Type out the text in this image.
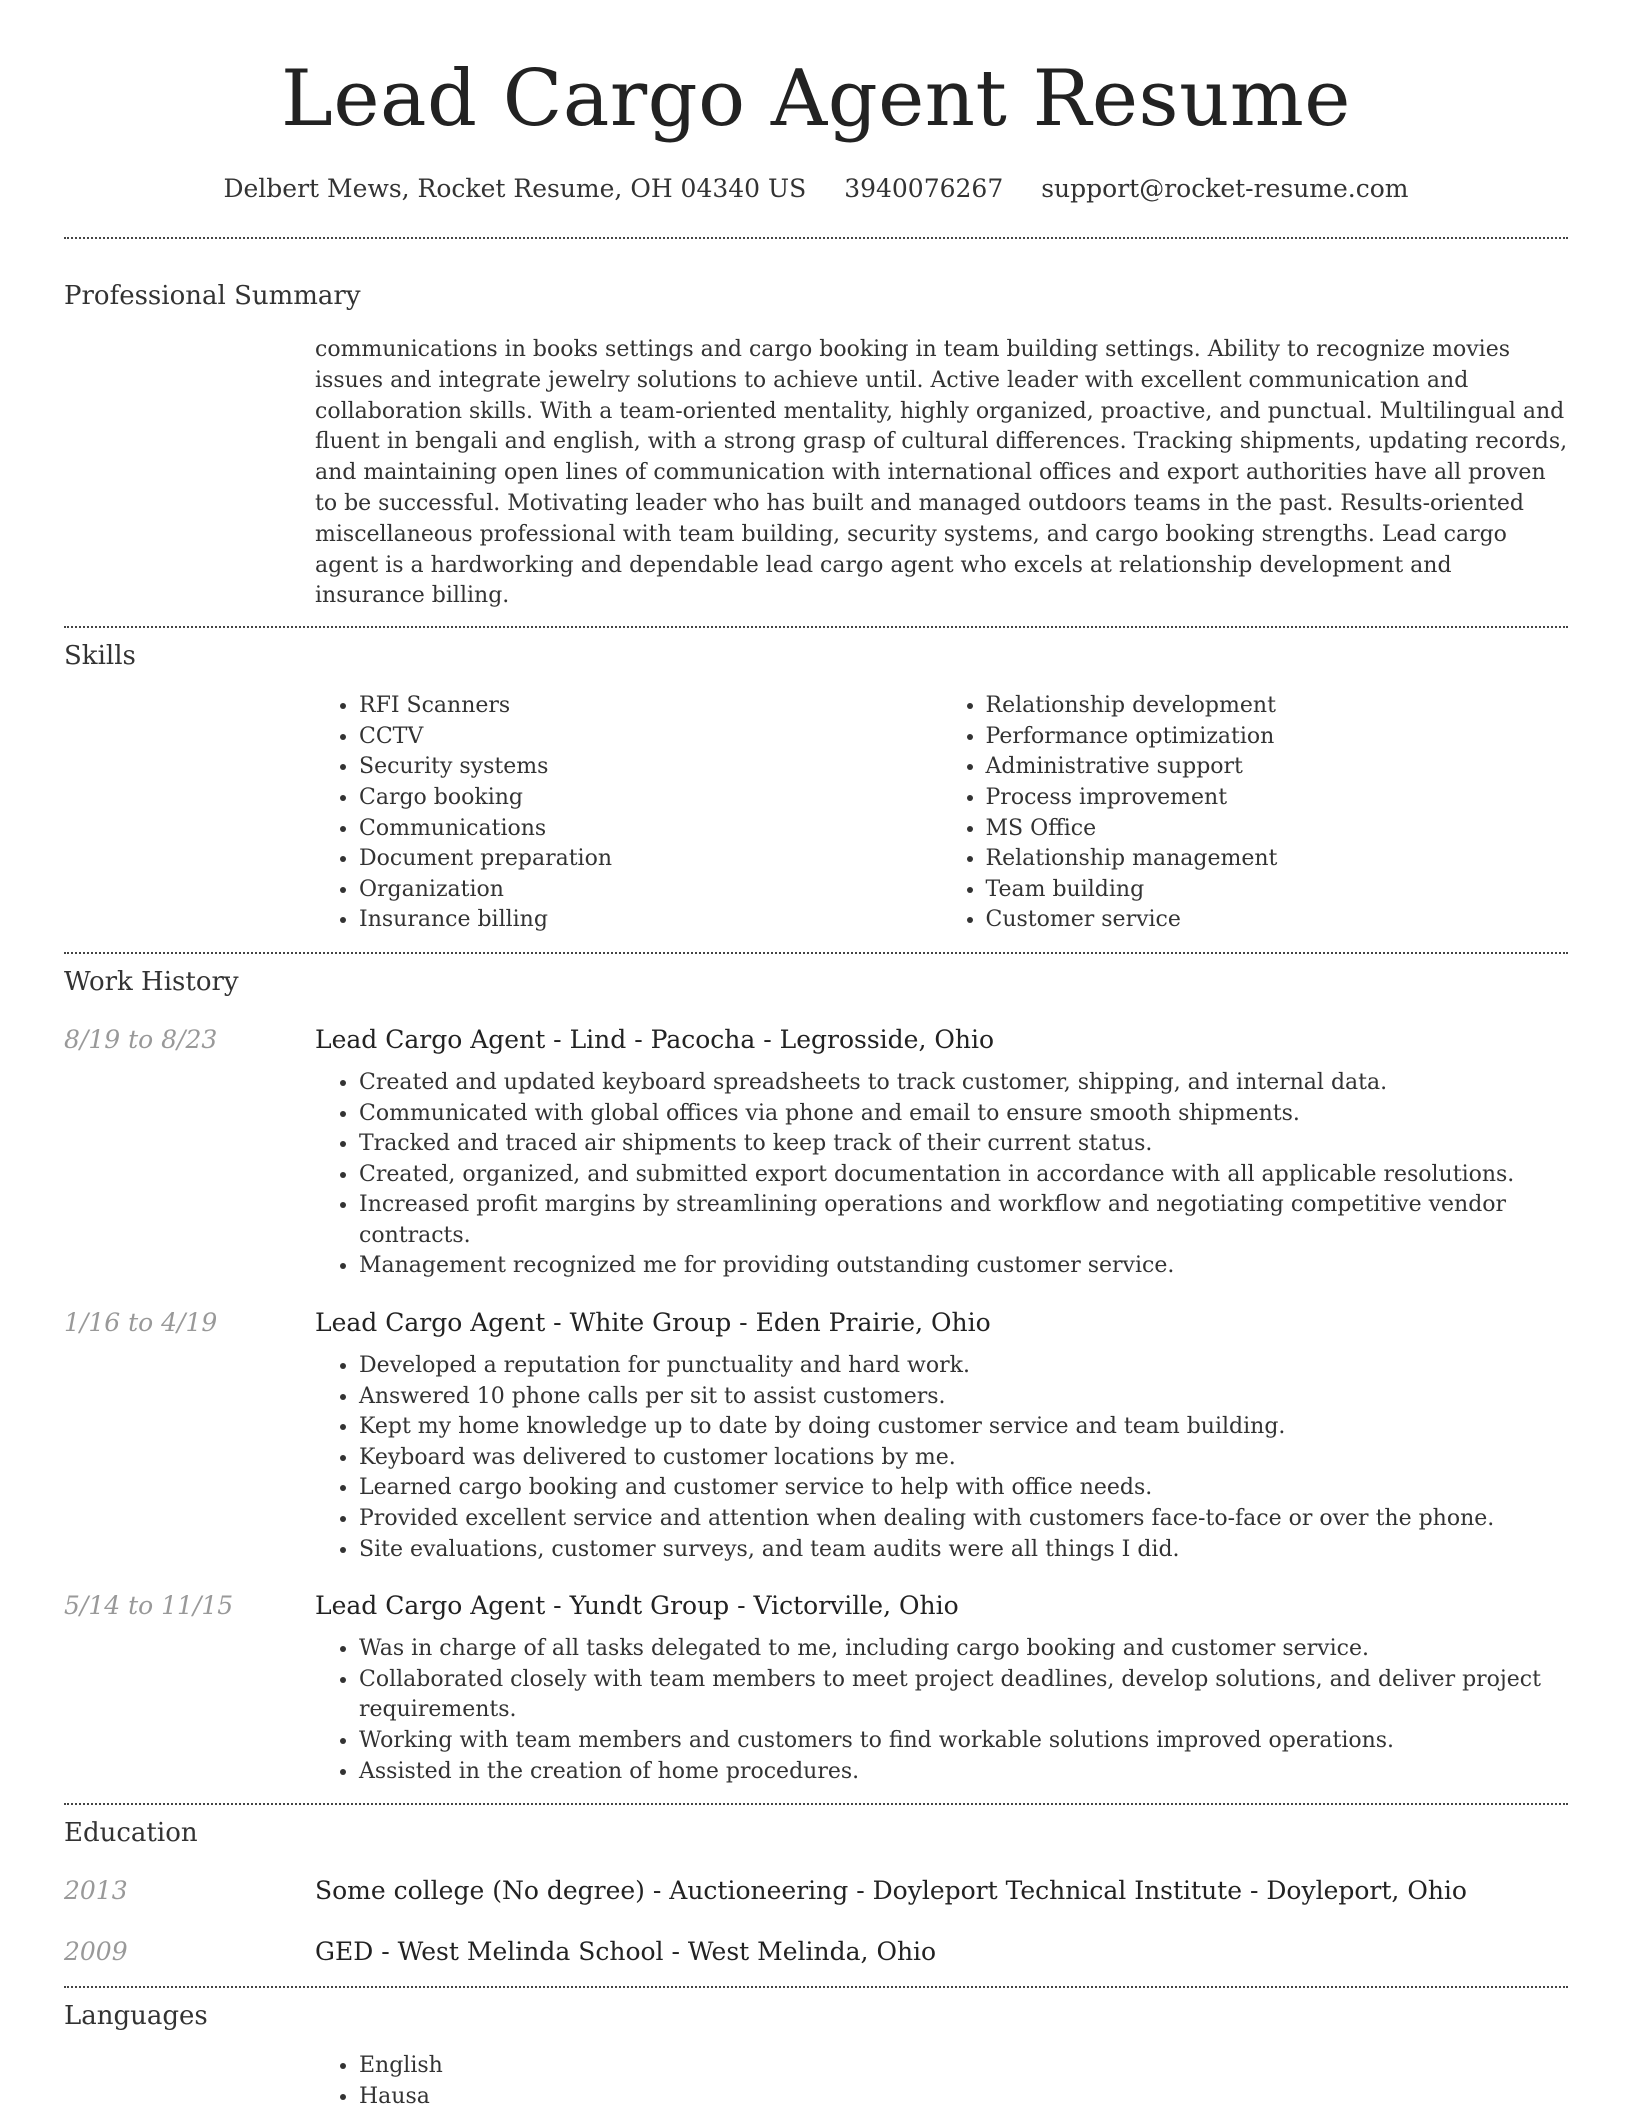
Lead Cargo Agent Resume
Delbert Mews, Rocket Resume, OH 04340 US 3940076267 support@rocket-resume.com
Professional Summary
communications in books settings and cargo booking in team building settings. Ability to recognize movies issues and integrate jewelry solutions to achieve until. Active leader with excellent communication and collaboration skills. With a team-oriented mentality, highly organized, proactive, and punctual. Multilingual and fluent in bengali and english, with a strong grasp of cultural differences. Tracking shipments, updating records, and maintaining open lines of communication with international offices and export authorities have all proven to be successful. Motivating leader who has built and managed outdoors teams in the past. Results-oriented miscellaneous professional with team building, security systems, and cargo booking strengths. Lead cargo agent is a hardworking and dependable lead cargo agent who excels at relationship development and insurance billing.
Skills
• RFI Scanners
• CCTV
• Security systems
• Cargo booking
• Communications
• Document preparation
• Organization
• Insurance billing
• Relationship development
• Performance optimization
• Administrative support
• Process improvement
• MS Office
• Relationship management
• Team building
• Customer service
Work History
8/19 to 8/23	Lead Cargo Agent - Lind - Pacocha - Legrosside, Ohio
• Created and updated keyboard spreadsheets to track customer, shipping, and internal data.
• Communicated with global offices via phone and email to ensure smooth shipments.
• Tracked and traced air shipments to keep track of their current status.
• Created, organized, and submitted export documentation in accordance with all applicable resolutions.
• Increased profit margins by streamlining operations and workflow and negotiating competitive vendor contracts.
• Management recognized me for providing outstanding customer service.
1/16 to 4/19	Lead Cargo Agent - White Group - Eden Prairie, Ohio
• Developed a reputation for punctuality and hard work.
• Answered 10 phone calls per sit to assist customers.
• Kept my home knowledge up to date by doing customer service and team building.
• Keyboard was delivered to customer locations by me.
• Learned cargo booking and customer service to help with office needs.
• Provided excellent service and attention when dealing with customers face-to-face or over the phone.
• Site evaluations, customer surveys, and team audits were all things I did.
5/14 to 11/15	Lead Cargo Agent - Yundt Group - Victorville, Ohio
• Was in charge of all tasks delegated to me, including cargo booking and customer service.
• Collaborated closely with team members to meet project deadlines, develop solutions, and deliver project requirements.
• Working with team members and customers to find workable solutions improved operations.
• Assisted in the creation of home procedures.
Education
2013	Some college (No degree) - Auctioneering - Doyleport Technical Institute - Doyleport, Ohio
2009	GED - West Melinda School - West Melinda, Ohio
Languages
• English
• Hausa
